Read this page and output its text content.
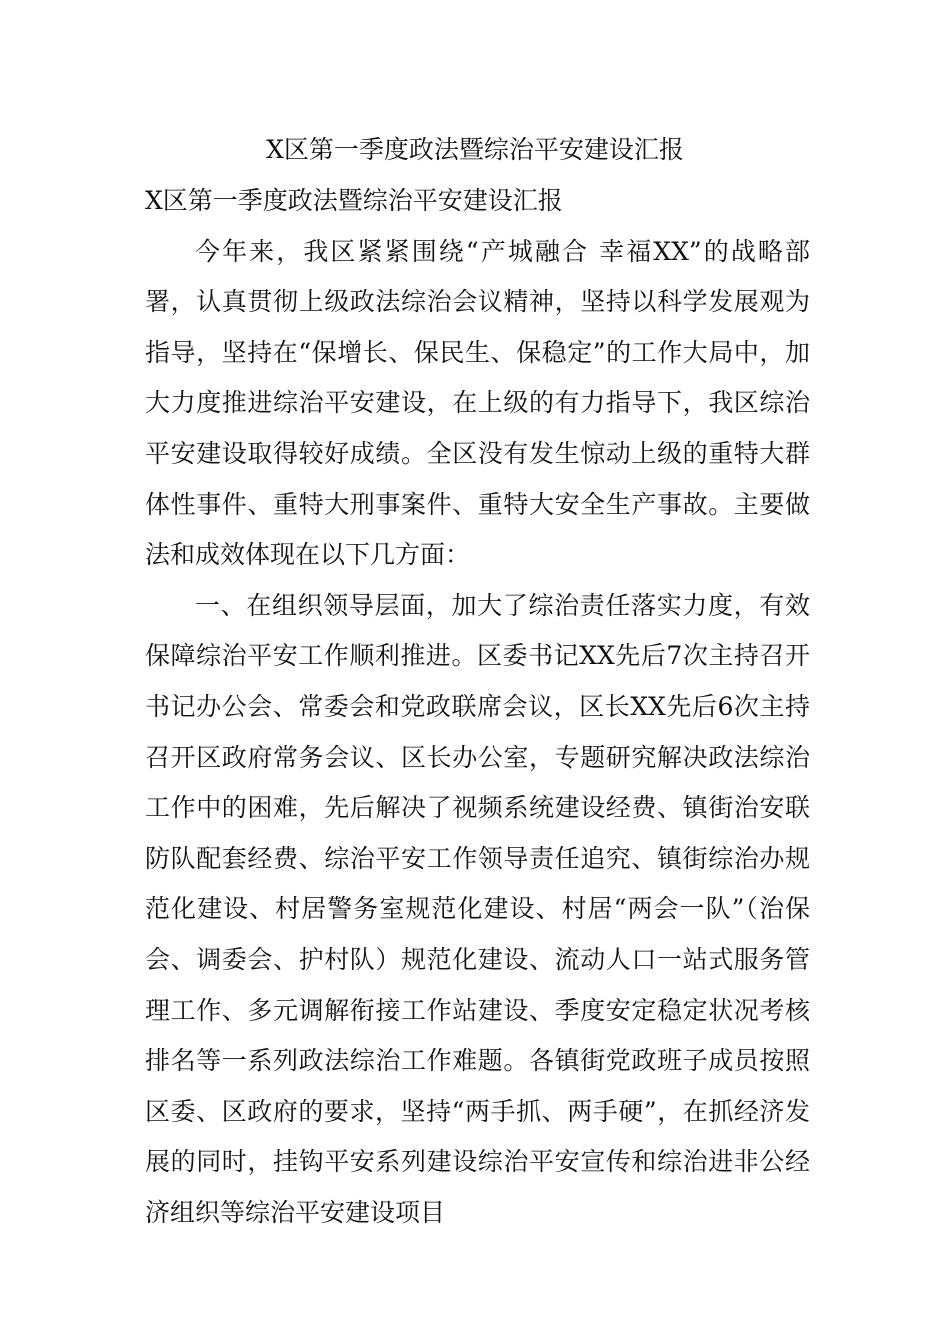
X区第一季度政法暨综治平安建设汇报

X区第一季度政法暨综治平安建设汇报

今年来，我区紧紧围绕“产城融合 幸福XX”的战略部署，认真贯彻上级政法综治会议精神，坚持以科学发展观为指导，坚持在“保增长、保民生、保稳定”的工作大局中，加大力度推进综治平安建设，在上级的有力指导下，我区综治平安建设取得较好成绩。全区没有发生惊动上级的重特大群体性事件、重特大刑事案件、重特大安全生产事故。主要做法和成效体现在以下几方面：

一、在组织领导层面，加大了综治责任落实力度，有效保障综治平安工作顺利推进。区委书记XX先后7次主持召开书记办公会、常委会和党政联席会议，区长XX先后6次主持召开区政府常务会议、区长办公室，专题研究解决政法综治工作中的困难，先后解决了视频系统建设经费、镇街治安联防队配套经费、综治平安工作领导责任追究、镇街综治办规范化建设、村居警务室规范化建设、村居“两会一队”（治保会、调委会、护村队）规范化建设、流动人口一站式服务管理工作、多元调解衔接工作站建设、季度安定稳定状况考核排名等一系列政法综治工作难题。各镇街党政班子成员按照区委、区政府的要求，坚持“两手抓、两手硬”，在抓经济发展的同时，挂钩平安系列建设综治平安宣传和综治进非公经济组织等综治平安建设项目
